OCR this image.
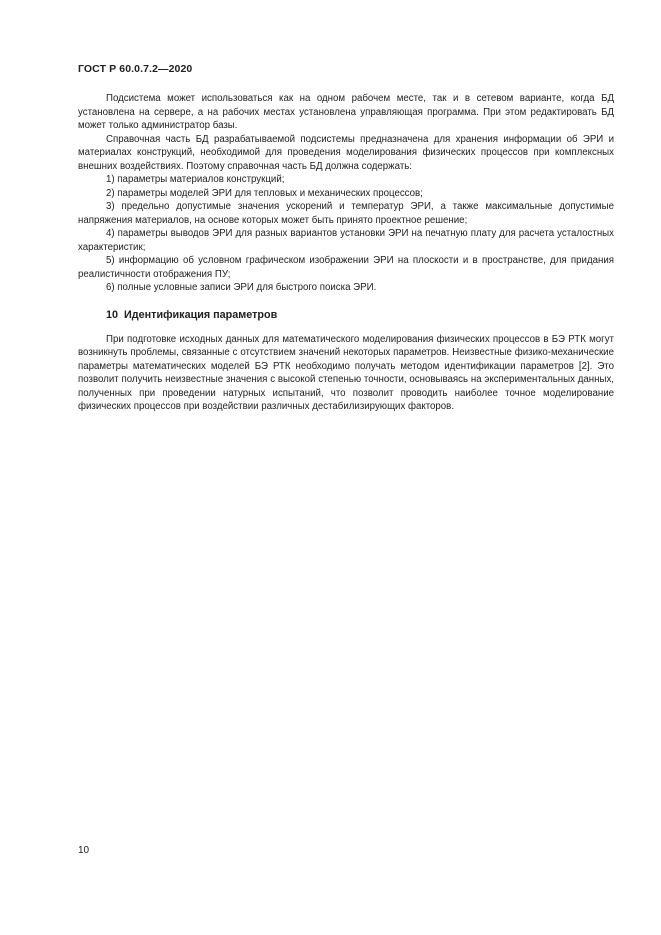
ГОСТ Р 60.0.7.2—2020

Подсистема может использоваться как на одном рабочем месте, так и в сетевом варианте, когда БД установлена на сервере, а на рабочих местах установлена управляющая программа. При этом редактировать БД может только администратор базы.

Справочная часть БД разрабатываемой подсистемы предназначена для хранения информации об ЭРИ и материалах конструкций, необходимой для проведения моделирования физических процессов при комплексных внешних воздействиях. Поэтому справочная часть БД должна содержать:

1) параметры материалов конструкций;

2) параметры моделей ЭРИ для тепловых и механических процессов;

3) предельно допустимые значения ускорений и температур ЭРИ, а также максимальные допустимые напряжения материалов, на основе которых может быть принято проектное решение;

4) параметры выводов ЭРИ для разных вариантов установки ЭРИ на печатную плату для расчета усталостных характеристик;

5) информацию об условном графическом изображении ЭРИ на плоскости и в пространстве, для придания реалистичности отображения ПУ;

6) полные условные записи ЭРИ для быстрого поиска ЭРИ.

10 Идентификация параметров

При подготовке исходных данных для математического моделирования физических процессов в БЭ РТК могут возникнуть проблемы, связанные с отсутствием значений некоторых параметров. Неизвестные физико-механические параметры математических моделей БЭ РТК необходимо получать методом идентификации параметров [2]. Это позволит получить неизвестные значения с высокой степенью точности, основываясь на экспериментальных данных, полученных при проведении натурных испытаний, что позволит проводить наиболее точное моделирование физических процессов при воздействии различных дестабилизирующих факторов.

10
